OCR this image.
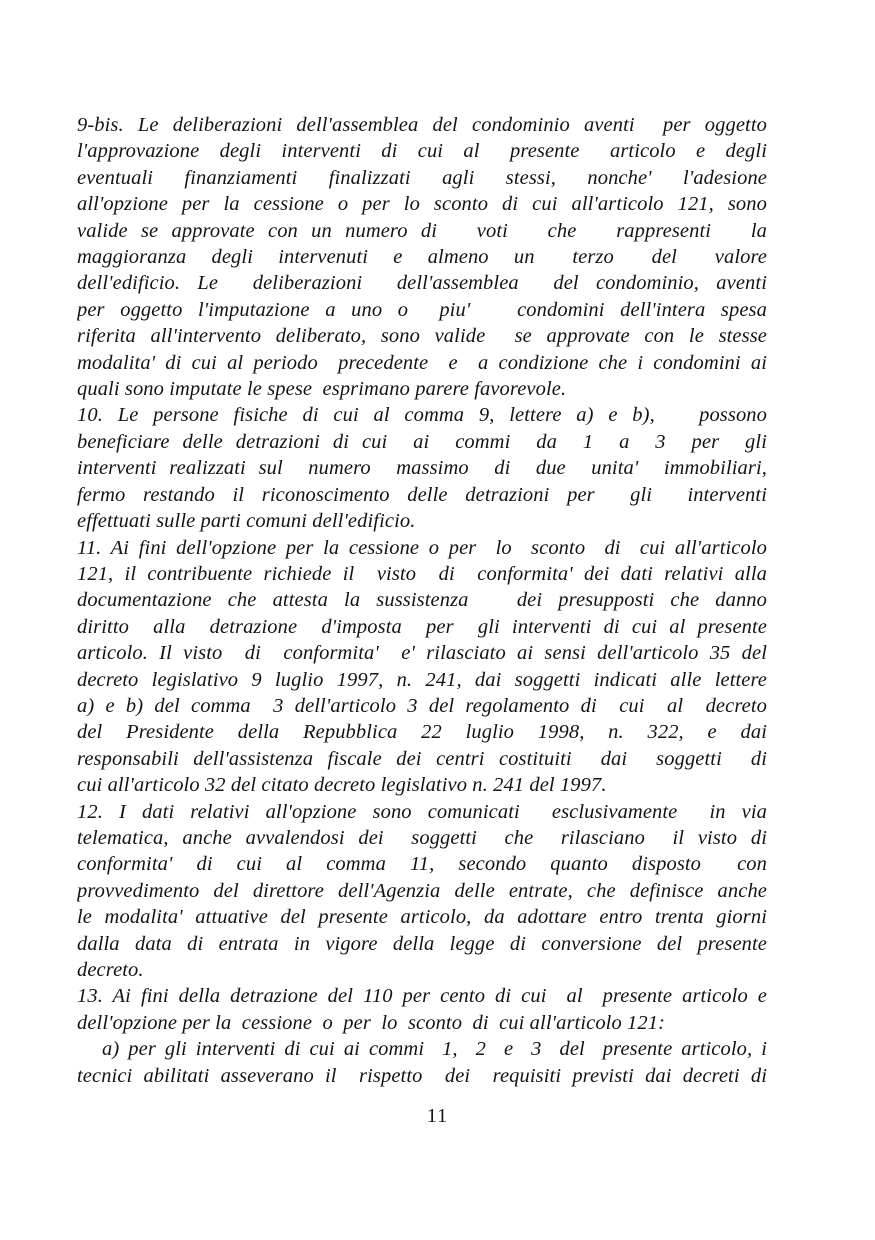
9-bis. Le deliberazioni dell'assemblea del condominio aventi  per oggetto
l'approvazione  degli  interventi  di  cui  al   presente   articolo  e  degli
eventuali  finanziamenti  finalizzati  agli  stessi,  nonche'  l'adesione
all'opzione per la cessione o per lo sconto di cui all'articolo 121, sono
valide se approvate con un numero di   voti   che   rappresenti   la
maggioranza  degli  intervenuti  e  almeno  un   terzo   del   valore
dell'edificio. Le  deliberazioni  dell'assemblea  del condominio, aventi
per oggetto l'imputazione a uno o  piu'   condomini dell'intera spesa
riferita all'intervento deliberato, sono valide  se approvate con le stesse
modalita' di cui al periodo  precedente  e  a condizione che i condomini ai
quali sono imputate le spese  esprimano parere favorevole.
10. Le persone fisiche di cui al comma 9, lettere a) e b),   possono
beneficiare delle detrazioni di cui  ai  commi  da  1  a  3  per  gli
interventi realizzati sul  numero  massimo  di  due  unita'  immobiliari,
fermo restando il riconoscimento delle detrazioni per  gli  interventi
effettuati sulle parti comuni dell'edificio.
11. Ai fini dell'opzione per la cessione o per  lo  sconto  di  cui all'articolo
121, il contribuente richiede il  visto  di  conformita' dei dati relativi alla
documentazione che attesta la sussistenza   dei presupposti che danno
diritto  alla  detrazione  d'imposta  per  gli interventi di cui al presente
articolo. Il visto  di  conformita'  e' rilasciato ai sensi dell'articolo 35 del
decreto legislativo 9 luglio 1997, n. 241, dai soggetti indicati alle lettere
a) e b) del comma  3 dell'articolo 3 del regolamento di  cui  al  decreto
del  Presidente  della  Repubblica  22  luglio  1998,  n.  322,  e  dai
responsabili dell'assistenza fiscale dei centri costituiti  dai  soggetti  di
cui all'articolo 32 del citato decreto legislativo n. 241 del 1997.
12. I dati relativi all'opzione sono comunicati  esclusivamente  in via
telematica, anche avvalendosi dei  soggetti  che  rilasciano  il visto di
conformita'  di  cui  al  comma  11,  secondo  quanto  disposto   con
provvedimento del direttore dell'Agenzia delle entrate, che definisce anche
le modalita' attuative del presente articolo, da adottare entro trenta giorni
dalla data di entrata in vigore della legge di conversione del presente
decreto.
13. Ai fini della detrazione del 110 per cento di cui  al  presente articolo e
dell'opzione per la  cessione  o  per  lo  sconto  di  cui all'articolo 121:
a) per gli interventi di cui ai commi  1,  2  e  3  del  presente articolo, i
tecnici abilitati asseverano il  rispetto  dei  requisiti previsti dai decreti di
11
